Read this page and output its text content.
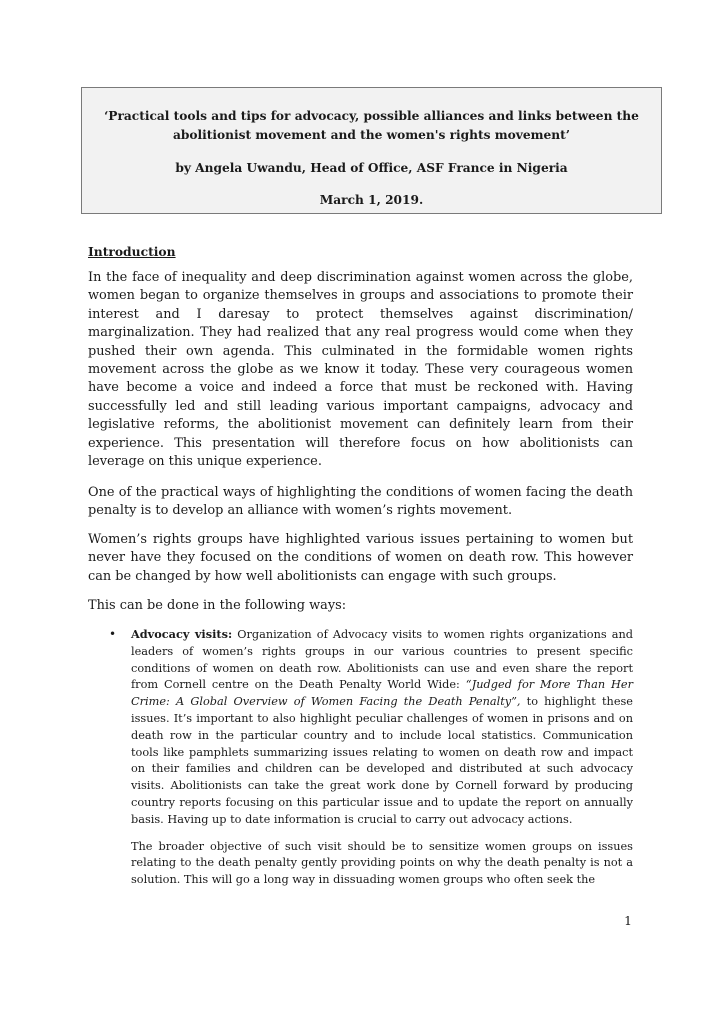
‘Practical tools and tips for advocacy, possible alliances and links between the

abolitionist movement and the women's rights movement’

by Angela Uwandu, Head of Office, ASF France in Nigeria

March 1, 2019.

Introduction

In the face of inequality and deep discrimination against women across the globe, women began to organize themselves in groups and associations to promote their interest and I daresay to protect themselves against discrimination/ marginalization. They had realized that any real progress would come when they pushed their own agenda. This culminated in the formidable women rights movement across the globe as we know it today. These very courageous women have become a voice and indeed a force that must be reckoned with. Having successfully led and still leading various important campaigns, advocacy and legislative reforms, the abolitionist movement can definitely learn from their experience. This presentation will therefore focus on how abolitionists can leverage on this unique experience.

One of the practical ways of highlighting the conditions of women facing the death penalty is to develop an alliance with women’s rights movement.

Women’s rights groups have highlighted various issues pertaining to women but never have they focused on the conditions of women on death row. This however can be changed by how well abolitionists can engage with such groups.

This can be done in the following ways:

• Advocacy visits: Organization of Advocacy visits to women rights organizations and leaders of women’s rights groups in our various countries to present specific conditions of women on death row. Abolitionists can use and even share the report from Cornell centre on the Death Penalty World Wide: “Judged for More Than Her Crime: A Global Overview of Women Facing the Death Penalty”, to highlight these issues. It’s important to also highlight peculiar challenges of women in prisons and on death row in the particular country and to include local statistics. Communication tools like pamphlets summarizing issues relating to women on death row and impact on their families and children can be developed and distributed at such advocacy visits. Abolitionists can take the great work done by Cornell forward by producing country reports focusing on this particular issue and to update the report on annually basis. Having up to date information is crucial to carry out advocacy actions.

The broader objective of such visit should be to sensitize women groups on issues relating to the death penalty gently providing points on why the death penalty is not a solution. This will go a long way in dissuading women groups who often seek the

1
